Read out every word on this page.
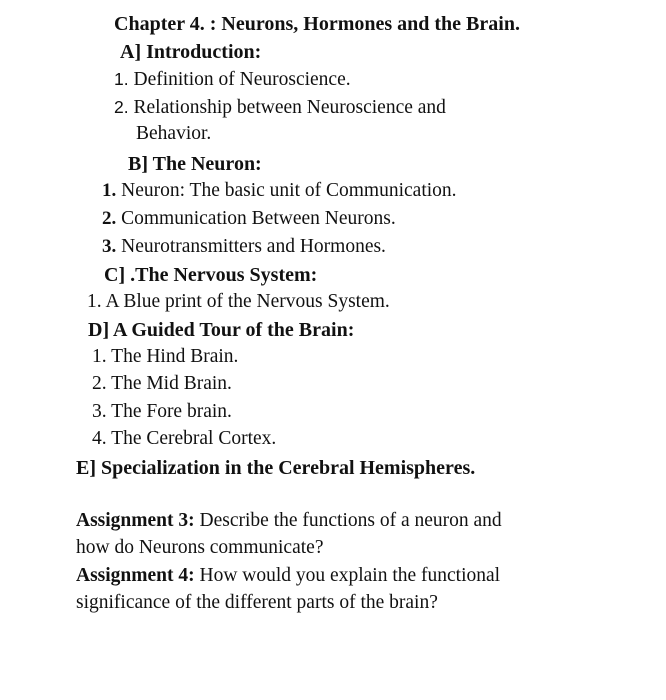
Chapter 4. : Neurons, Hormones and the Brain.
A] Introduction:
1. Definition of Neuroscience.
2. Relationship between Neuroscience and
Behavior.
B] The Neuron:
1. Neuron: The basic unit of Communication.
2. Communication Between Neurons.
3. Neurotransmitters and Hormones.
C] .The Nervous System:
1. A Blue print of the Nervous System.
D] A Guided Tour of the Brain:
1. The Hind Brain.
2. The Mid Brain.
3. The Fore brain.
4. The Cerebral Cortex.
E] Specialization in the Cerebral Hemispheres.
Assignment 3: Describe the functions of a neuron and
how do Neurons communicate?
Assignment 4: How would you explain the functional
significance of the different parts of the brain?
